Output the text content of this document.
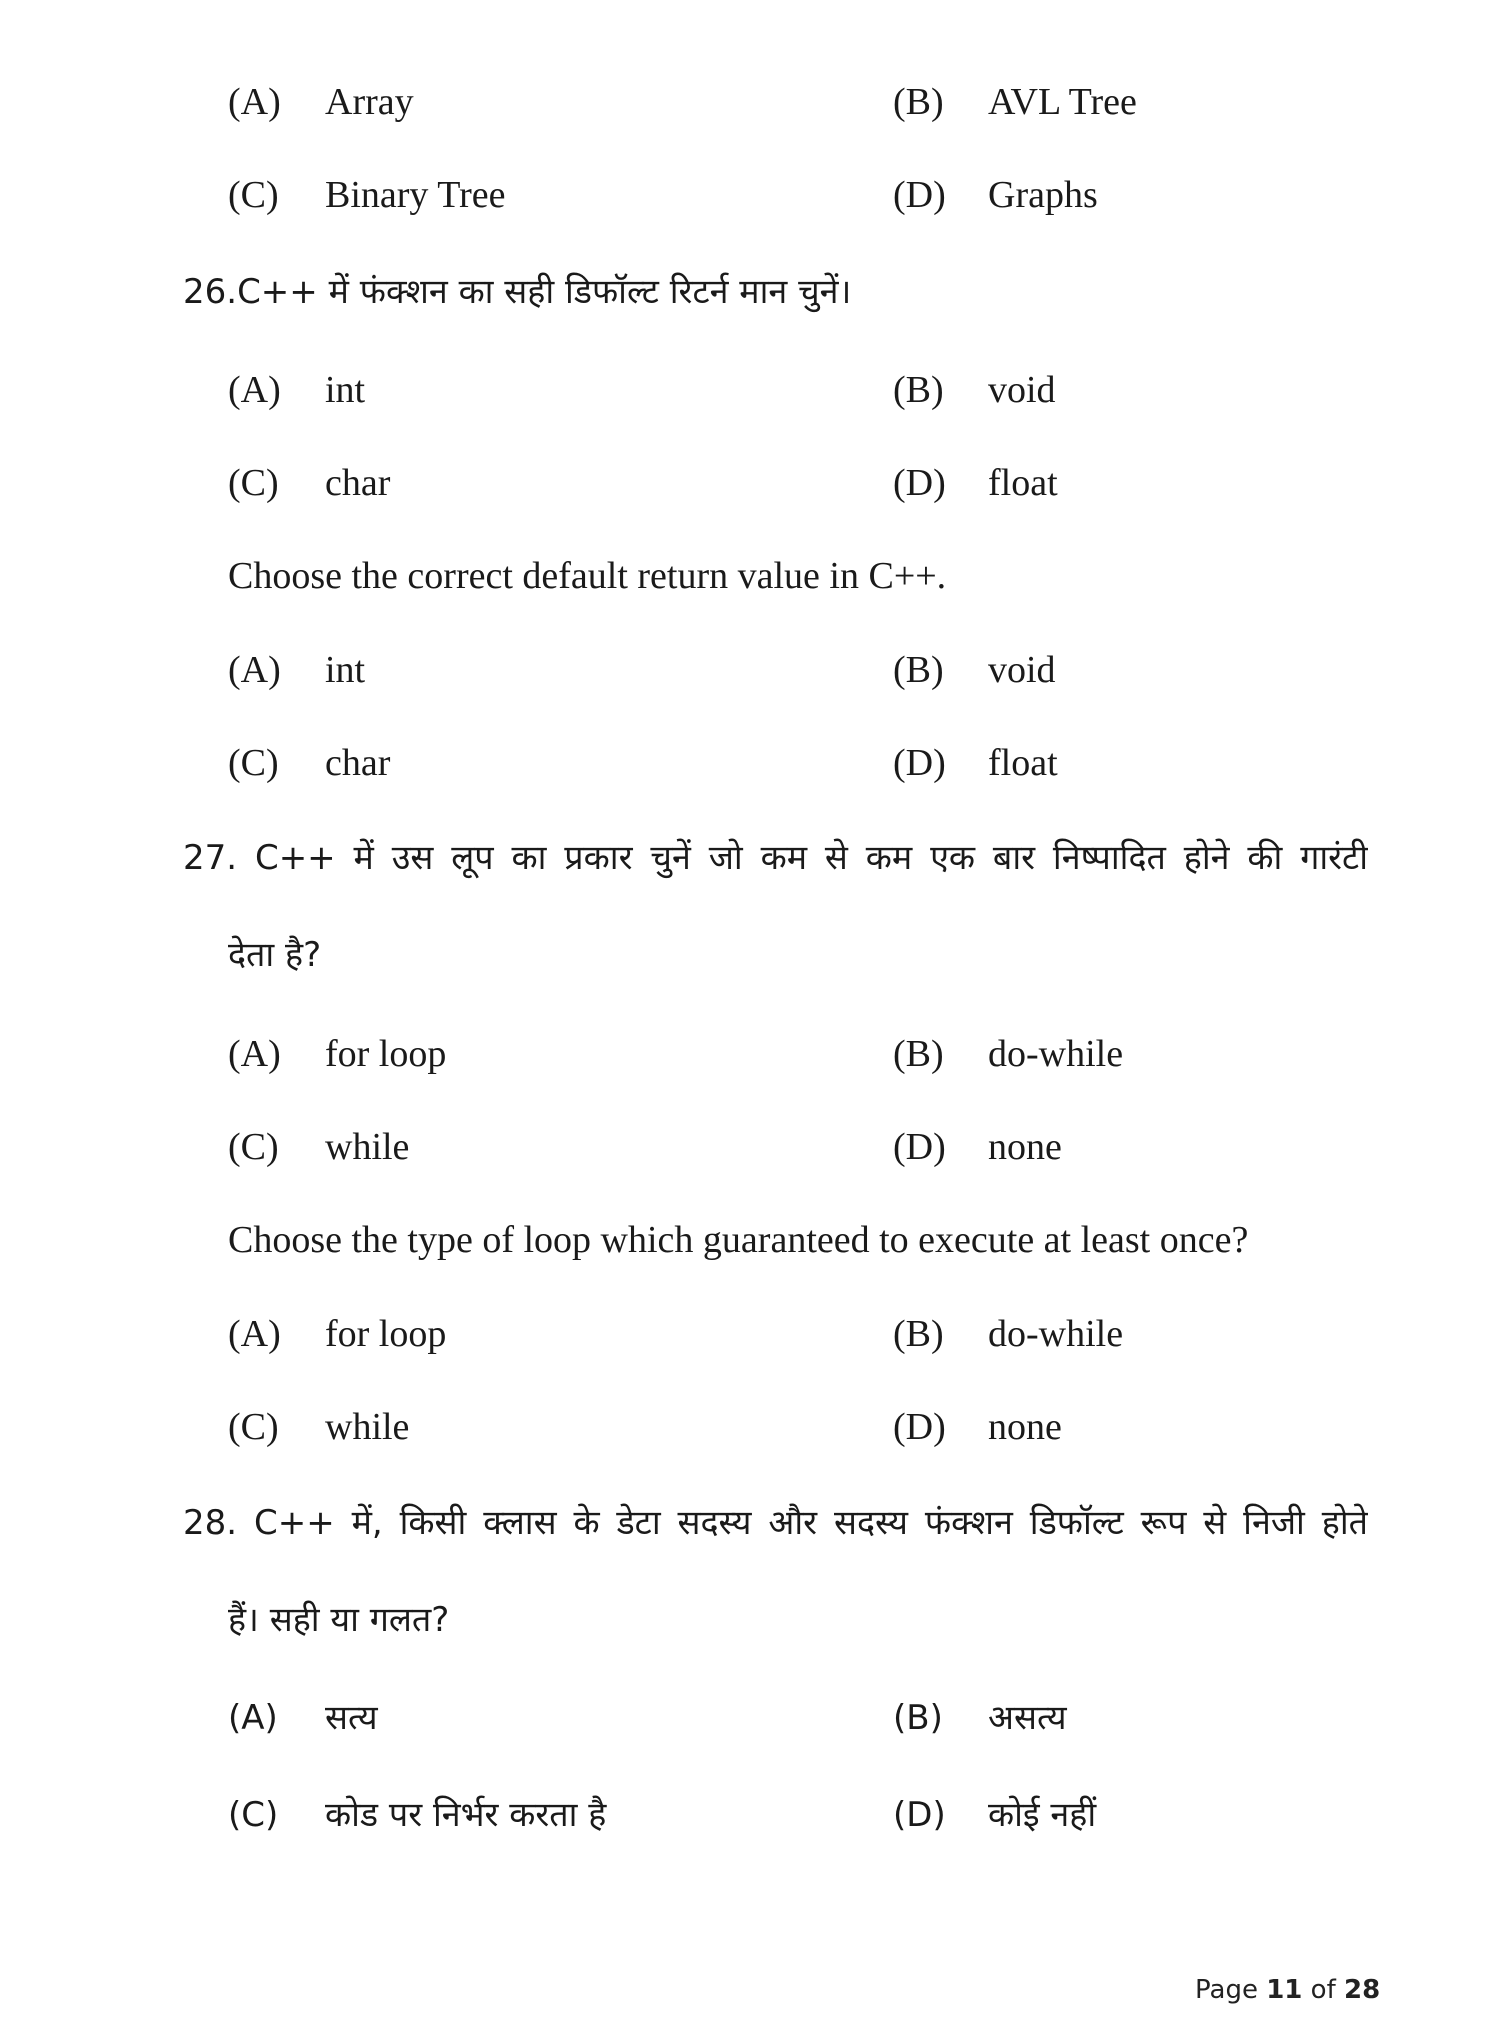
(A) Array	(B) AVL Tree
(C) Binary Tree	(D) Graphs
26.C++ में फंक्शन का सही डिफॉल्ट रिटर्न मान चुनें।
(A) int	(B) void
(C) char	(D) float
Choose the correct default return value in C++.
(A) int	(B) void
(C) char	(D) float
27. C++ में उस लूप का प्रकार चुनें जो कम से कम एक बार निष्पादित होने की गारंटी
देता है?
(A) for loop	(B) do-while
(C) while	(D) none
Choose the type of loop which guaranteed to execute at least once?
(A) for loop	(B) do-while
(C) while	(D) none
28. C++ में, किसी क्लास के डेटा सदस्य और सदस्य फंक्शन डिफॉल्ट रूप से निजी होते
हैं। सही या गलत?
(A) सत्य	(B) असत्य
(C) कोड पर निर्भर करता है	(D) कोई नहीं
Page 11 of 28
